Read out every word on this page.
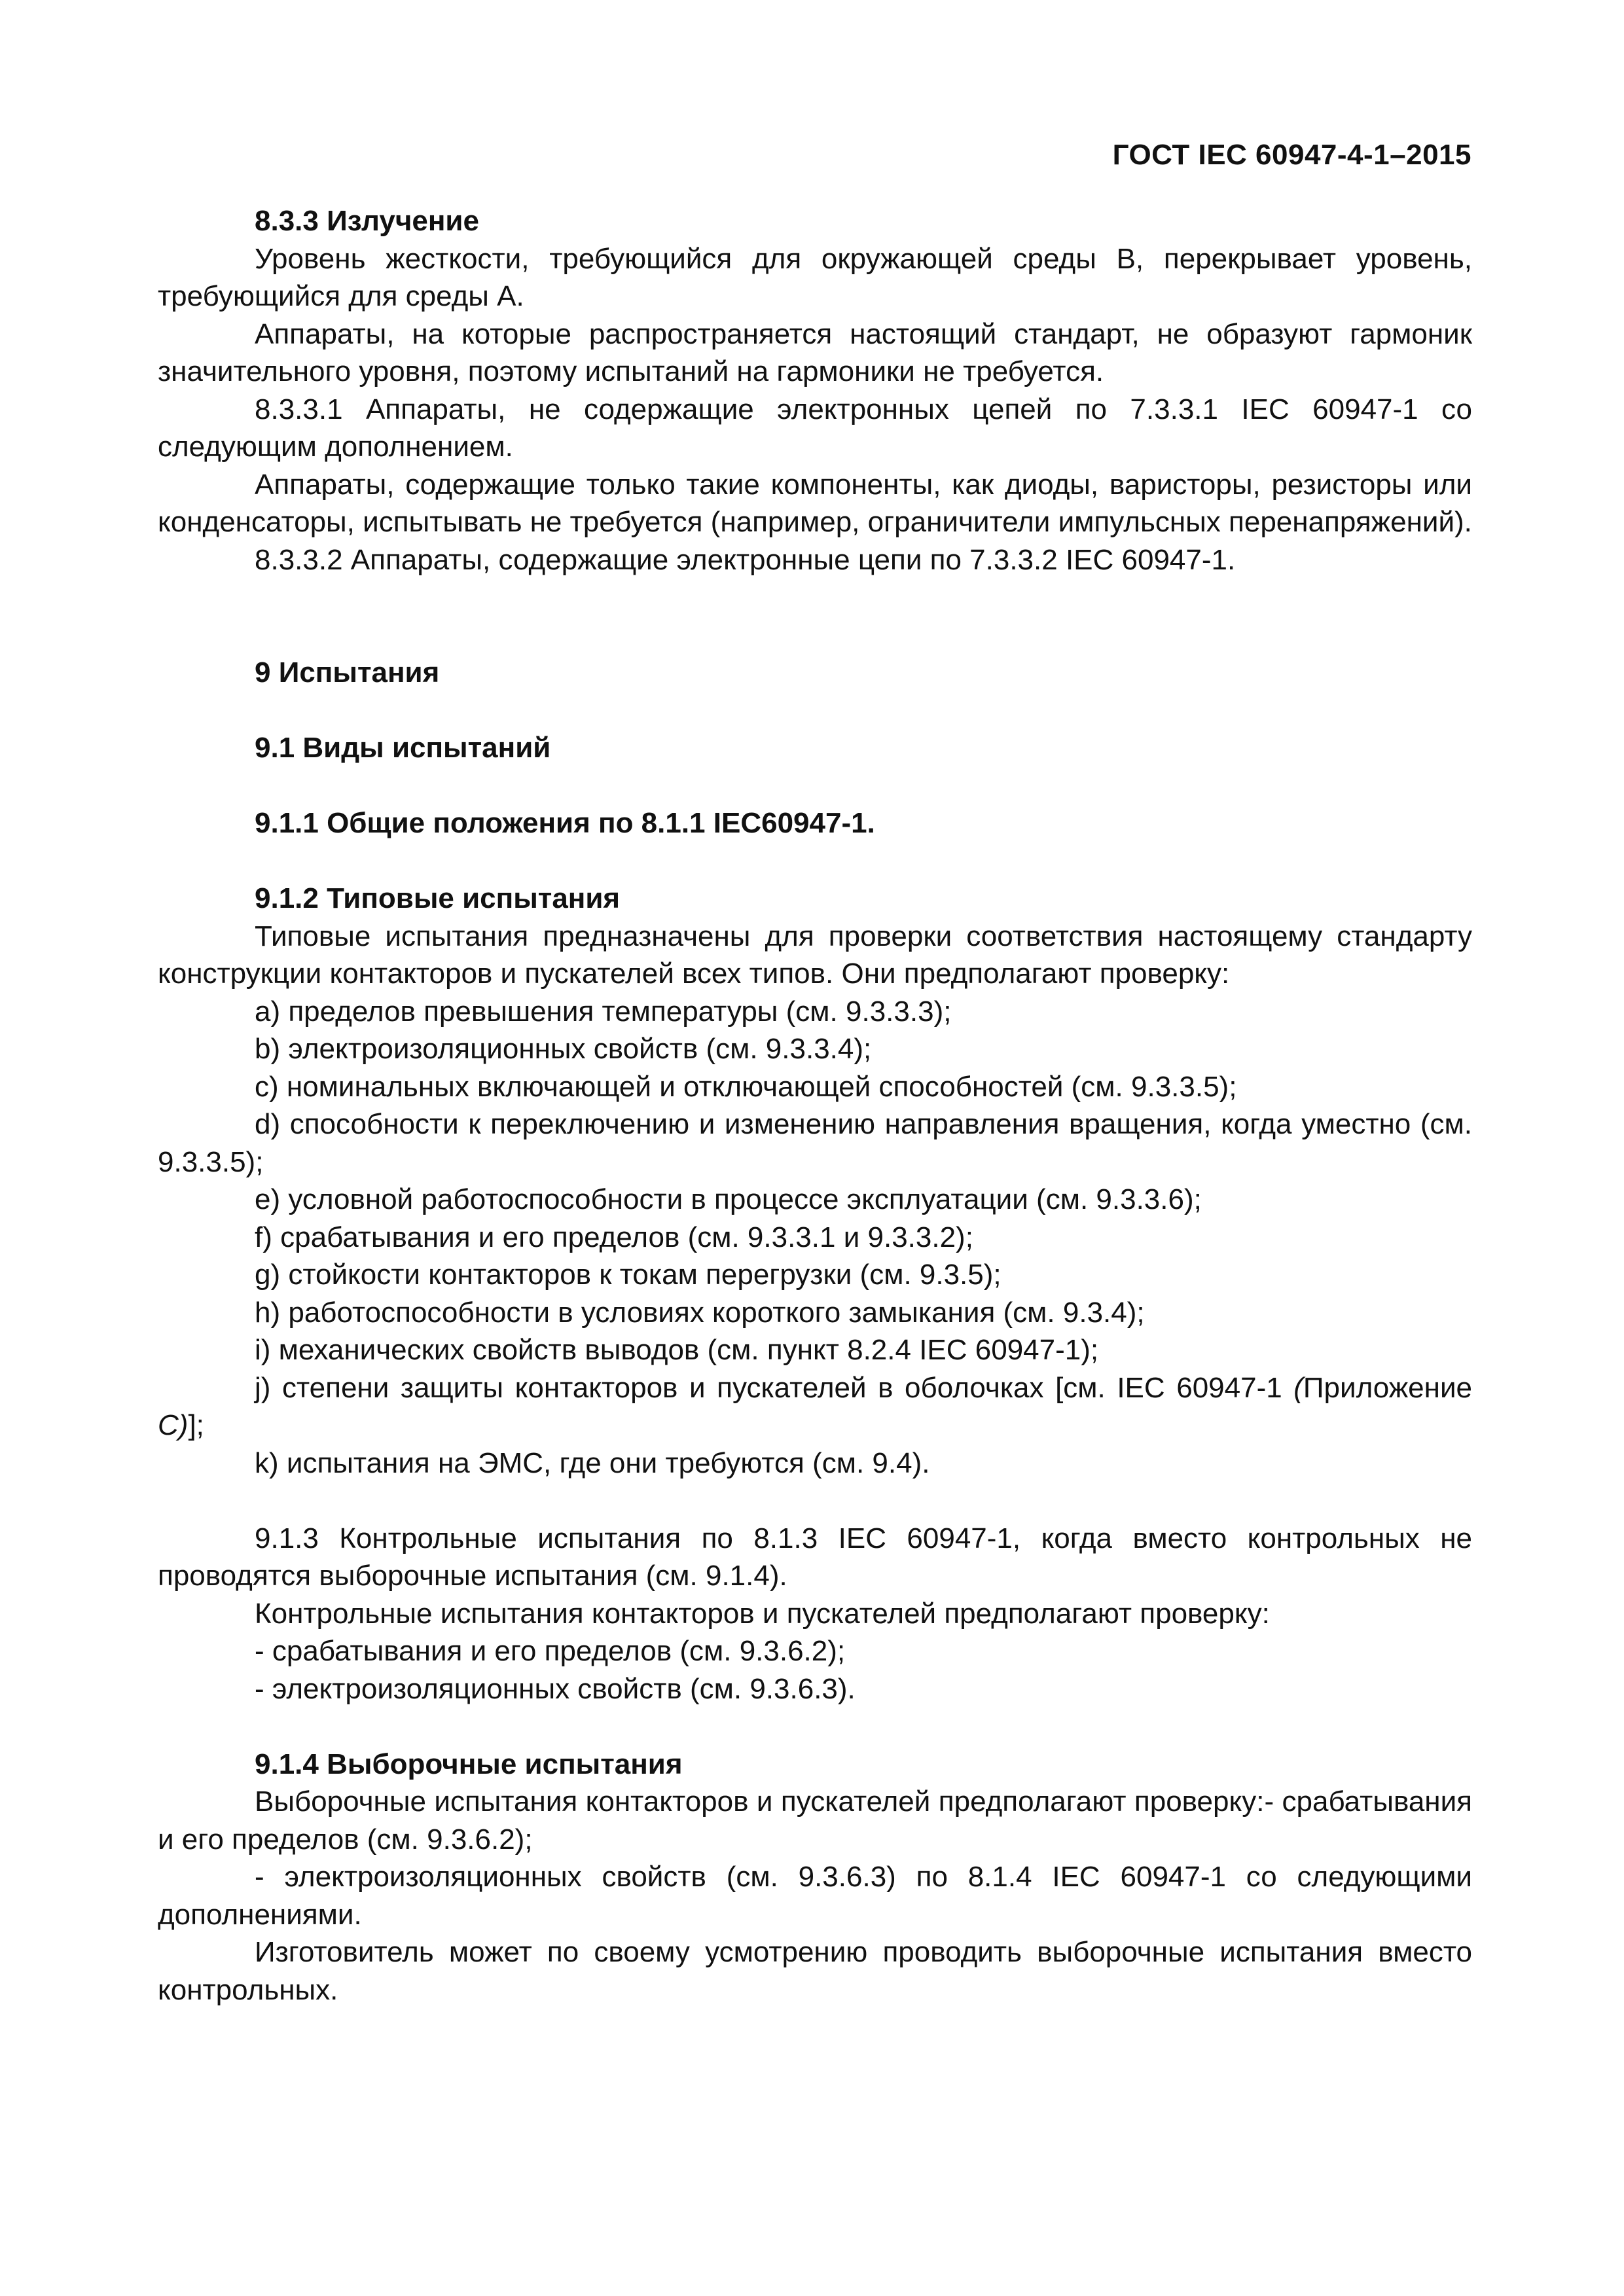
ГОСТ IEC 60947-4-1–2015

8.3.3 Излучение

Уровень жесткости, требующийся для окружающей среды В, перекрывает уровень, требующийся для среды А.

Аппараты, на которые распространяется настоящий стандарт, не образуют гармоник значительного уровня, поэтому испытаний на гармоники не требуется.

8.3.3.1 Аппараты, не содержащие электронных цепей по 7.3.3.1 IEC 60947-1 со следующим дополнением.

Аппараты, содержащие только такие компоненты, как диоды, варисторы, резисторы или конденсаторы, испытывать не требуется (например, ограничители импульсных перенапряжений).

8.3.3.2 Аппараты, содержащие электронные цепи по 7.3.3.2 IEC 60947-1.

9 Испытания

9.1 Виды испытаний

9.1.1 Общие положения по 8.1.1 IEC60947-1.

9.1.2 Типовые испытания

Типовые испытания предназначены для проверки соответствия настоящему стандарту конструкции контакторов и пускателей всех типов. Они предполагают проверку:

а) пределов превышения температуры (см. 9.3.3.3);

b) электроизоляционных свойств (см. 9.3.3.4);

с) номинальных включающей и отключающей способностей (см. 9.3.3.5);

d) способности к переключению и изменению направления вращения, когда уместно (см. 9.3.3.5);

е) условной работоспособности в процессе эксплуатации (см. 9.3.3.6);

f) срабатывания и его пределов (см. 9.3.3.1 и 9.3.3.2);

g) стойкости контакторов к токам перегрузки (см. 9.3.5);

h) работоспособности в условиях короткого замыкания (см. 9.3.4);

i) механических свойств выводов (см. пункт 8.2.4 IEC 60947-1);

j) степени защиты контакторов и пускателей в оболочках [см. IEC 60947-1 (Приложение С)];

k) испытания на ЭМС, где они требуются (см. 9.4).

9.1.3 Контрольные испытания по 8.1.3 IEC 60947-1, когда вместо контрольных не проводятся выборочные испытания (см. 9.1.4).

Контрольные испытания контакторов и пускателей предполагают проверку:

- срабатывания и его пределов (см. 9.3.6.2);

- электроизоляционных свойств (см. 9.3.6.3).

9.1.4 Выборочные испытания

Выборочные испытания контакторов и пускателей предполагают проверку:- срабатывания и его пределов (см. 9.3.6.2);

- электроизоляционных свойств (см. 9.3.6.3) по 8.1.4 IEC 60947-1 со следующими дополнениями.

Изготовитель может по своему усмотрению проводить выборочные испытания вместо контрольных.
